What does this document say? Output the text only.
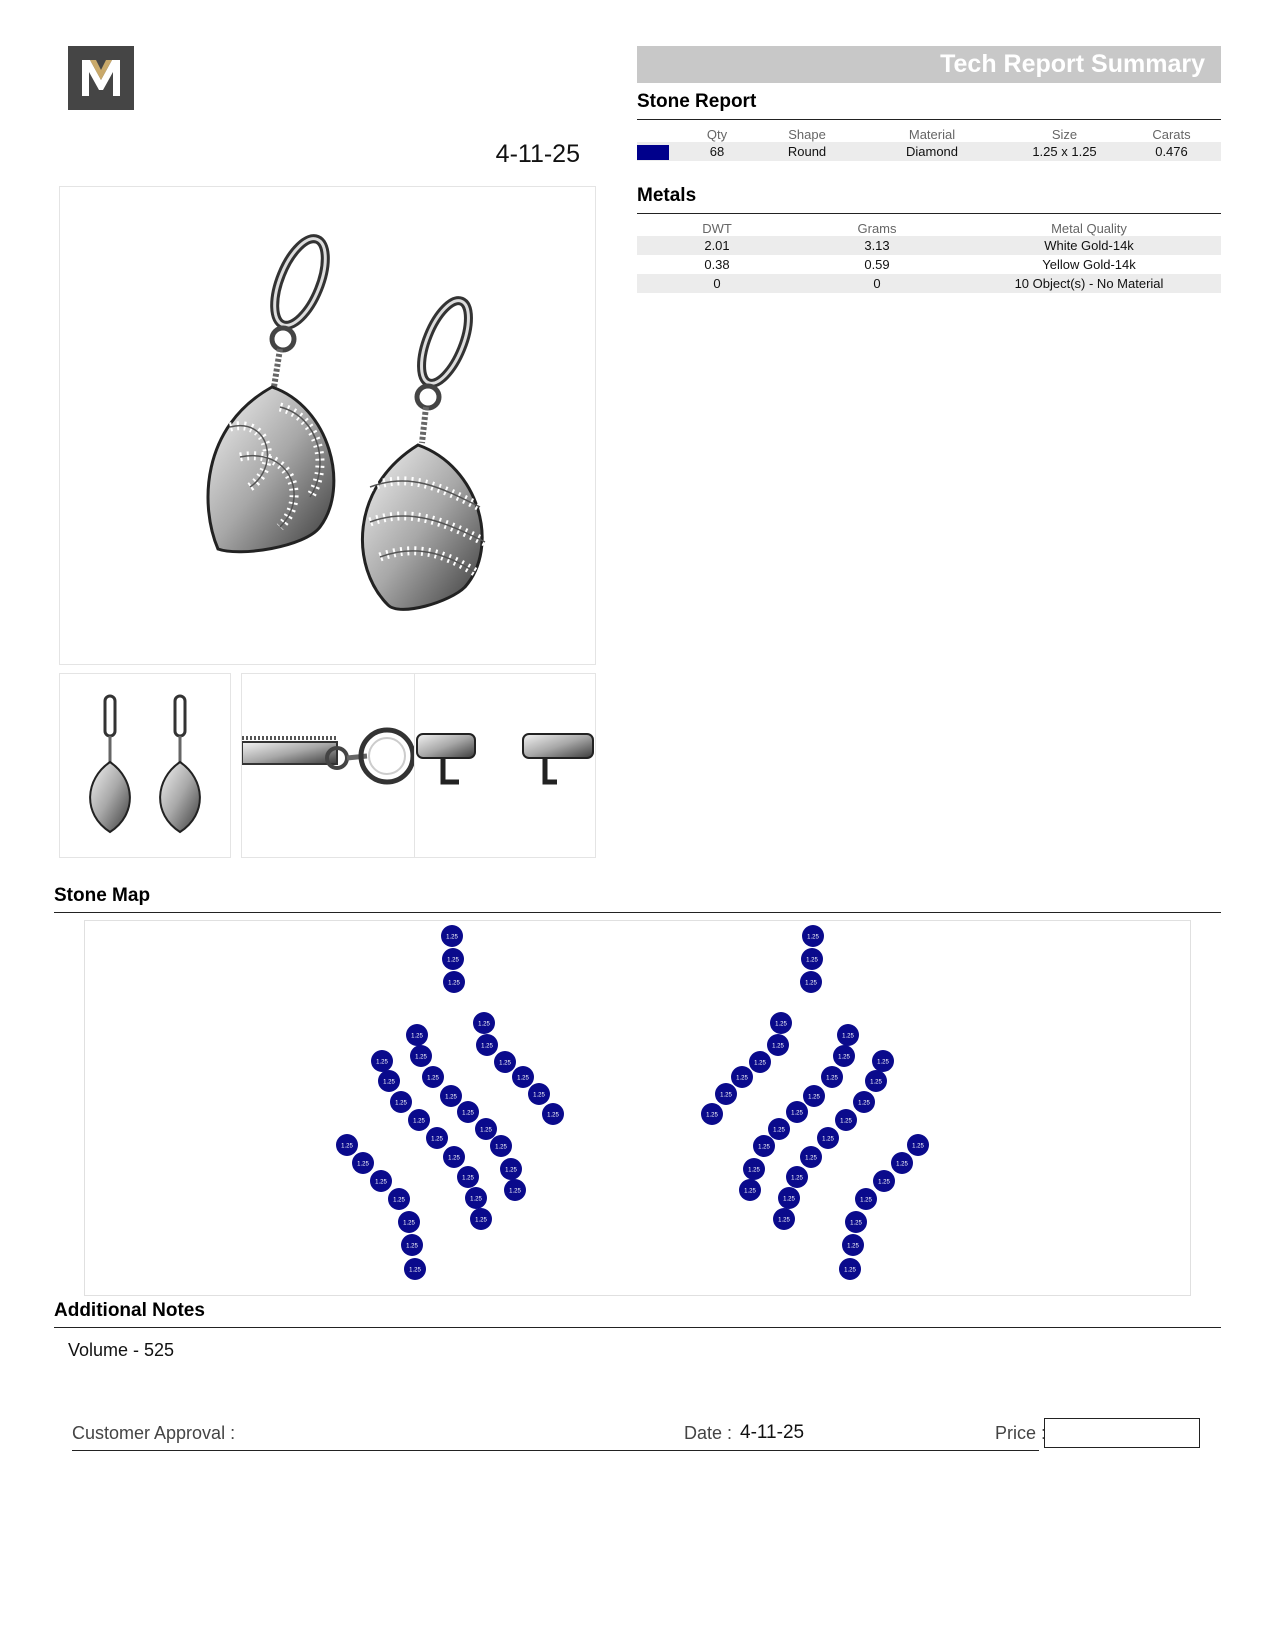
4-11-25
Tech Report Summary
Stone Report
	Qty	Shape	Material	Size	Carats
	68	Round	Diamond	1.25 x 1.25	0.476
Metals
DWT	Grams	Metal Quality
2.01	3.13	White Gold-14k
0.38	0.59	Yellow Gold-14k
0	0	10 Object(s) - No Material
Stone Map
1.25
1.25
1.25
1.25
1.25
1.25
1.25
1.25
1.25
1.25
1.25
1.25
1.25
1.25
1.25
1.25
1.25
1.25
1.25
1.25
1.25
1.25
1.25
1.25
1.25
1.25
1.25
1.25
1.25
1.25
1.25
1.25
1.25
1.25
1.25
1.25
1.25
1.25
1.25
1.25
1.25
1.25
1.25
1.25
1.25
1.25
1.25
1.25
1.25
1.25
1.25
1.25
1.25
1.25
1.25
1.25
1.25
1.25
1.25
1.25
1.25
1.25
1.25
1.25
1.25
1.25
1.25
1.25
Additional Notes
Volume - 525
Customer Approval :	Date : 4-11-25	Price :
